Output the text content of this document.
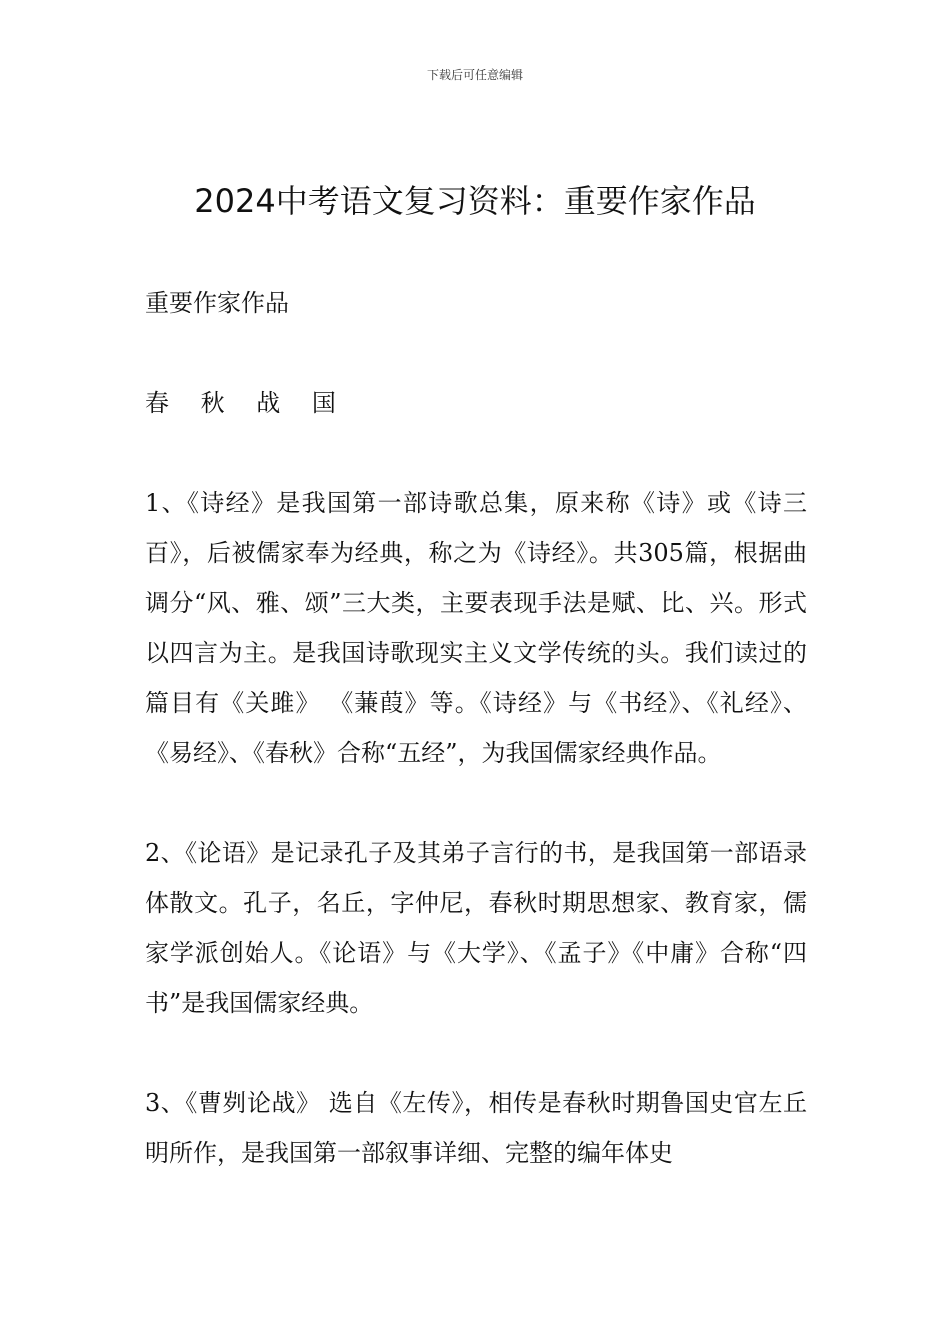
下载后可任意编辑
2024中考语文复习资料：重要作家作品

重要作家作品

春 秋 战 国

1、《诗经》是我国第一部诗歌总集，原来称《诗》或《诗三百》，后被儒家奉为经典，称之为《诗经》。共305篇，根据曲调分“风、雅、颂”三大类，主要表现手法是赋、比、兴。形式以四言为主。是我国诗歌现实主义文学传统的头。我们读过的篇目有《关雎》 《蒹葭》等。《诗经》与《书经》、《礼经》、《易经》、《春秋》合称“五经”，为我国儒家经典作品。

2、《论语》是记录孔子及其弟子言行的书，是我国第一部语录体散文。孔子，名丘，字仲尼，春秋时期思想家、教育家，儒家学派创始人。《论语》与《大学》、《孟子》《中庸》合称“四书”是我国儒家经典。

3、《曹刿论战》 选自《左传》，相传是春秋时期鲁国史官左丘明所作，是我国第一部叙事详细、完整的编年体史
